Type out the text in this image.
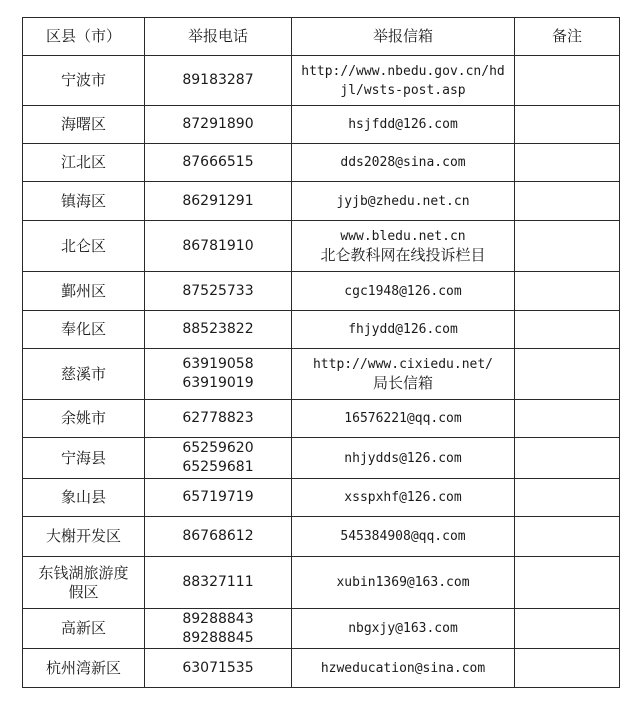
区县（市）	举报电话	举报信箱	备注

宁波市	89183287	http://www.nbedu.gov.cn/hd
jl/wsts-post.asp	

海曙区	87291890	hsjfdd@126.com	

江北区	87666515	dds2028@sina.com	

镇海区	86291291	jyjb@zhedu.net.cn	

北仑区	86781910	www.bledu.net.cn
北仑教科网在线投诉栏目	

鄞州区	87525733	cgc1948@126.com	

奉化区	88523822	fhjydd@126.com	

慈溪市	63919058
63919019	http://www.cixiedu.net/
局长信箱	

余姚市	62778823	16576221@qq.com	

宁海县	65259620
65259681	nhjydds@126.com	

象山县	65719719	xsspxhf@126.com	

大榭开发区	86768612	545384908@qq.com	

东钱湖旅游度
假区	88327111	xubin1369@163.com	

高新区	89288843
89288845	nbgxjy@163.com	

杭州湾新区	63071535	hzweducation@sina.com	
